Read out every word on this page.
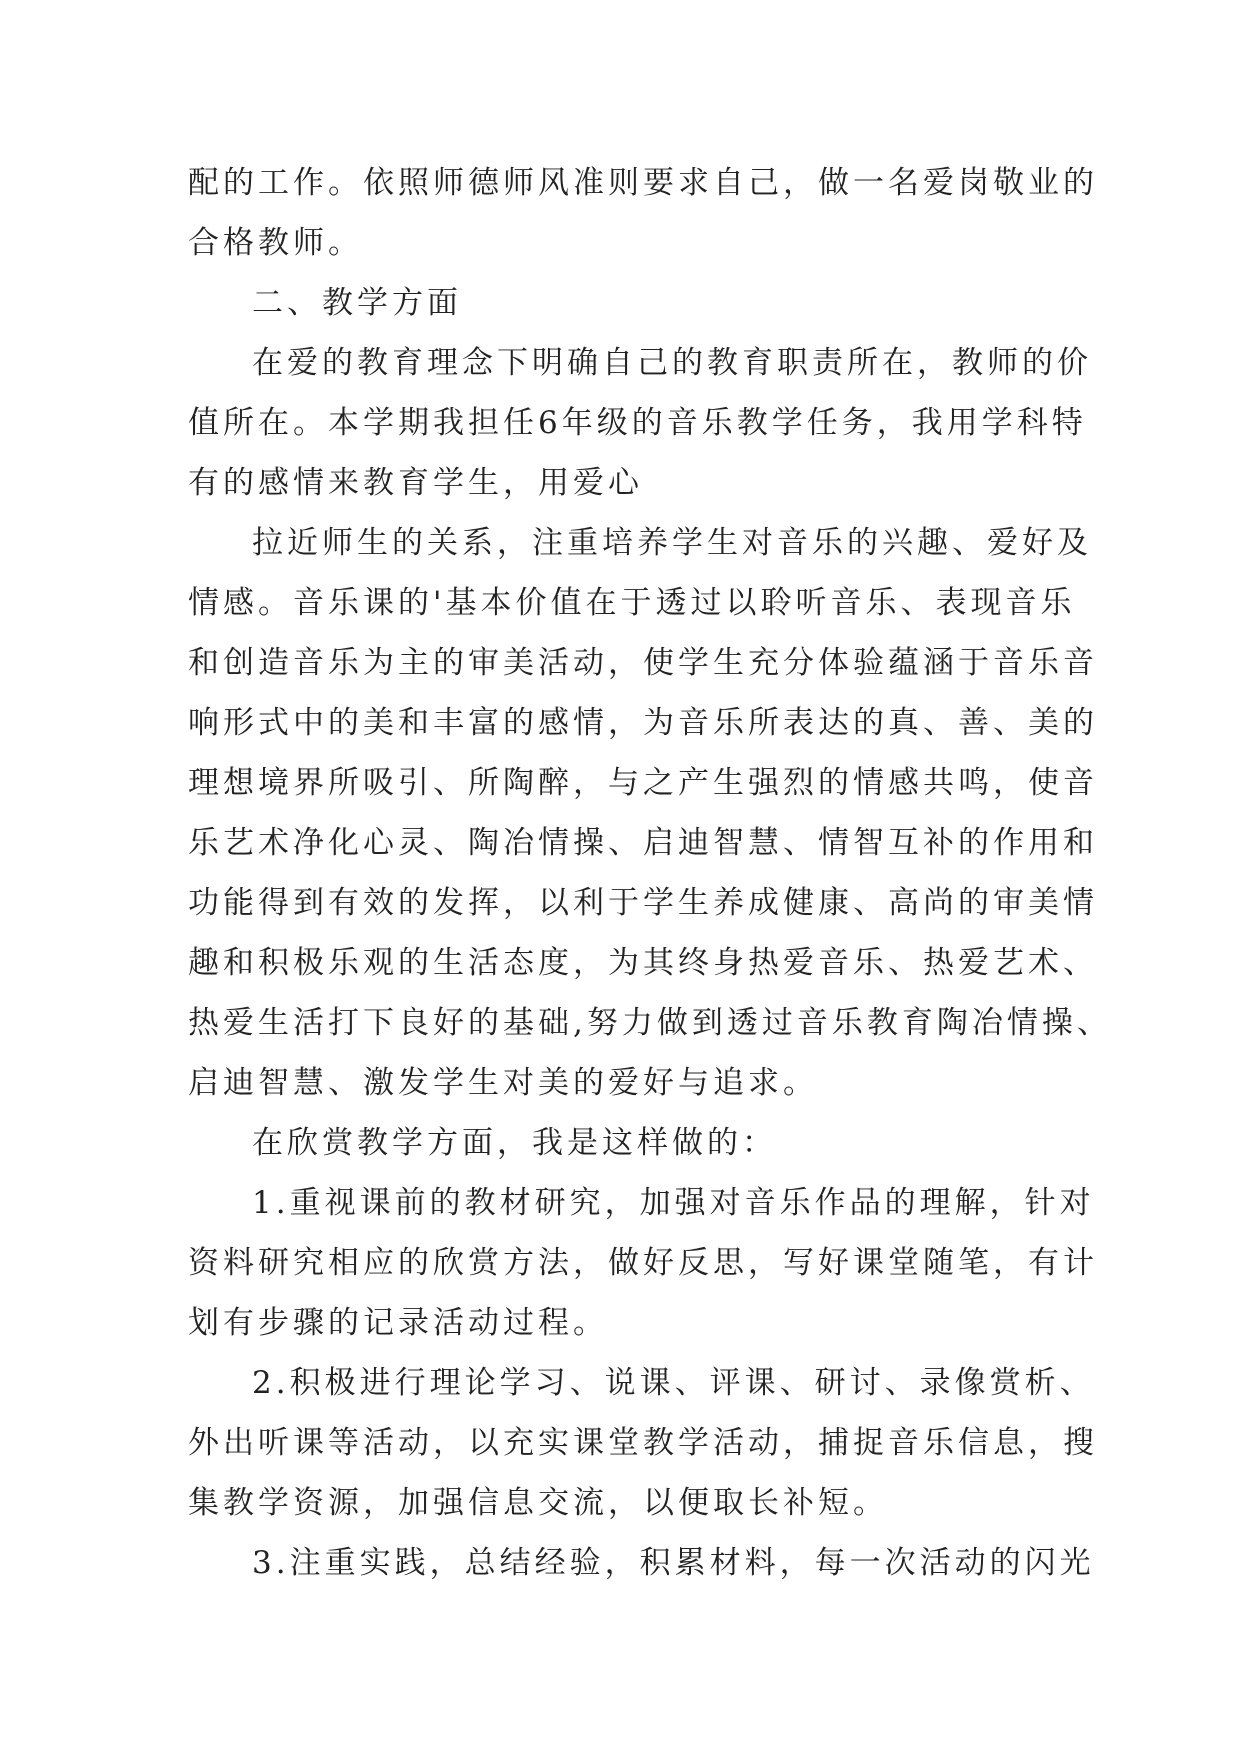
配的工作。依照师德师风准则要求自己，做一名爱岗敬业的
合格教师。
二、教学方面
在爱的教育理念下明确自己的教育职责所在，教师的价
值所在。本学期我担任6年级的音乐教学任务，我用学科特
有的感情来教育学生，用爱心
拉近师生的关系，注重培养学生对音乐的兴趣、爱好及
情感。音乐课的'基本价值在于透过以聆听音乐、表现音乐
和创造音乐为主的审美活动，使学生充分体验蕴涵于音乐音
响形式中的美和丰富的感情，为音乐所表达的真、善、美的
理想境界所吸引、所陶醉，与之产生强烈的情感共鸣，使音
乐艺术净化心灵、陶冶情操、启迪智慧、情智互补的作用和
功能得到有效的发挥，以利于学生养成健康、高尚的审美情
趣和积极乐观的生活态度，为其终身热爱音乐、热爱艺术、
热爱生活打下良好的基础,努力做到透过音乐教育陶冶情操、
启迪智慧、激发学生对美的爱好与追求。
在欣赏教学方面，我是这样做的：
1.重视课前的教材研究，加强对音乐作品的理解，针对
资料研究相应的欣赏方法，做好反思，写好课堂随笔，有计
划有步骤的记录活动过程。
2.积极进行理论学习、说课、评课、研讨、录像赏析、
外出听课等活动，以充实课堂教学活动，捕捉音乐信息，搜
集教学资源，加强信息交流，以便取长补短。
3.注重实践，总结经验，积累材料，每一次活动的闪光
